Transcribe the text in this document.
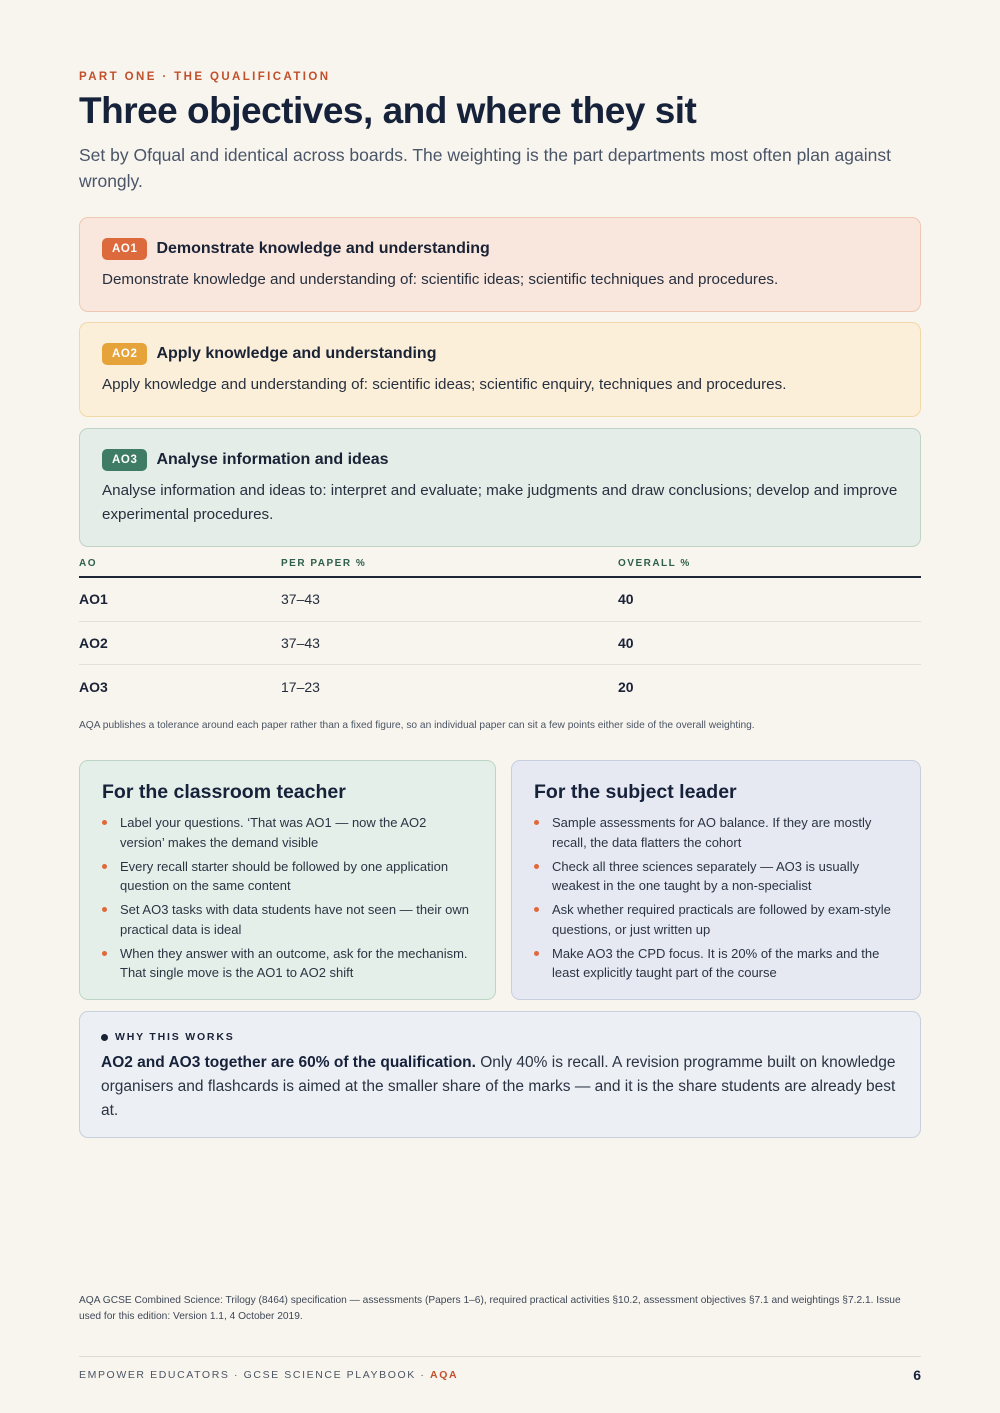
PART ONE · THE QUALIFICATION
Three objectives, and where they sit

Set by Ofqual and identical across boards. The weighting is the part departments most often plan against wrongly.

AO1	Demonstrate knowledge and understanding

Demonstrate knowledge and understanding of: scientific ideas; scientific techniques and procedures.

AO2	Apply knowledge and understanding

Apply knowledge and understanding of: scientific ideas; scientific enquiry, techniques and procedures.

AO3	Analyse information and ideas

Analyse information and ideas to: interpret and evaluate; make judgments and draw conclusions; develop and improve experimental procedures.

AO	PER PAPER %	OVERALL %
AO1	37–43	40
AO2	37–43	40
AO3	17–23	20

AQA publishes a tolerance around each paper rather than a fixed figure, so an individual paper can sit a few points either side of the overall weighting.

For the classroom teacher
Label your questions. ‘That was AO1 — now the AO2 version’ makes the demand visible
Every recall starter should be followed by one application question on the same content
Set AO3 tasks with data students have not seen — their own practical data is ideal
When they answer with an outcome, ask for the mechanism. That single move is the AO1 to AO2 shift
For the subject leader
Sample assessments for AO balance. If they are mostly recall, the data flatters the cohort
Check all three sciences separately — AO3 is usually weakest in the one taught by a non-specialist
Ask whether required practicals are followed by exam-style questions, or just written up
Make AO3 the CPD focus. It is 20% of the marks and the least explicitly taught part of the course
WHY THIS WORKS

AO2 and AO3 together are 60% of the qualification. Only 40% is recall. A revision programme built on knowledge organisers and flashcards is aimed at the smaller share of the marks — and it is the share students are already best at.

AQA GCSE Combined Science: Trilogy (8464) specification — assessments (Papers 1–6), required practical activities §10.2, assessment objectives §7.1 and weightings §7.2.1. Issue used for this edition: Version 1.1, 4 October 2019.

EMPOWER EDUCATORS · GCSE SCIENCE PLAYBOOK · AQA	6
